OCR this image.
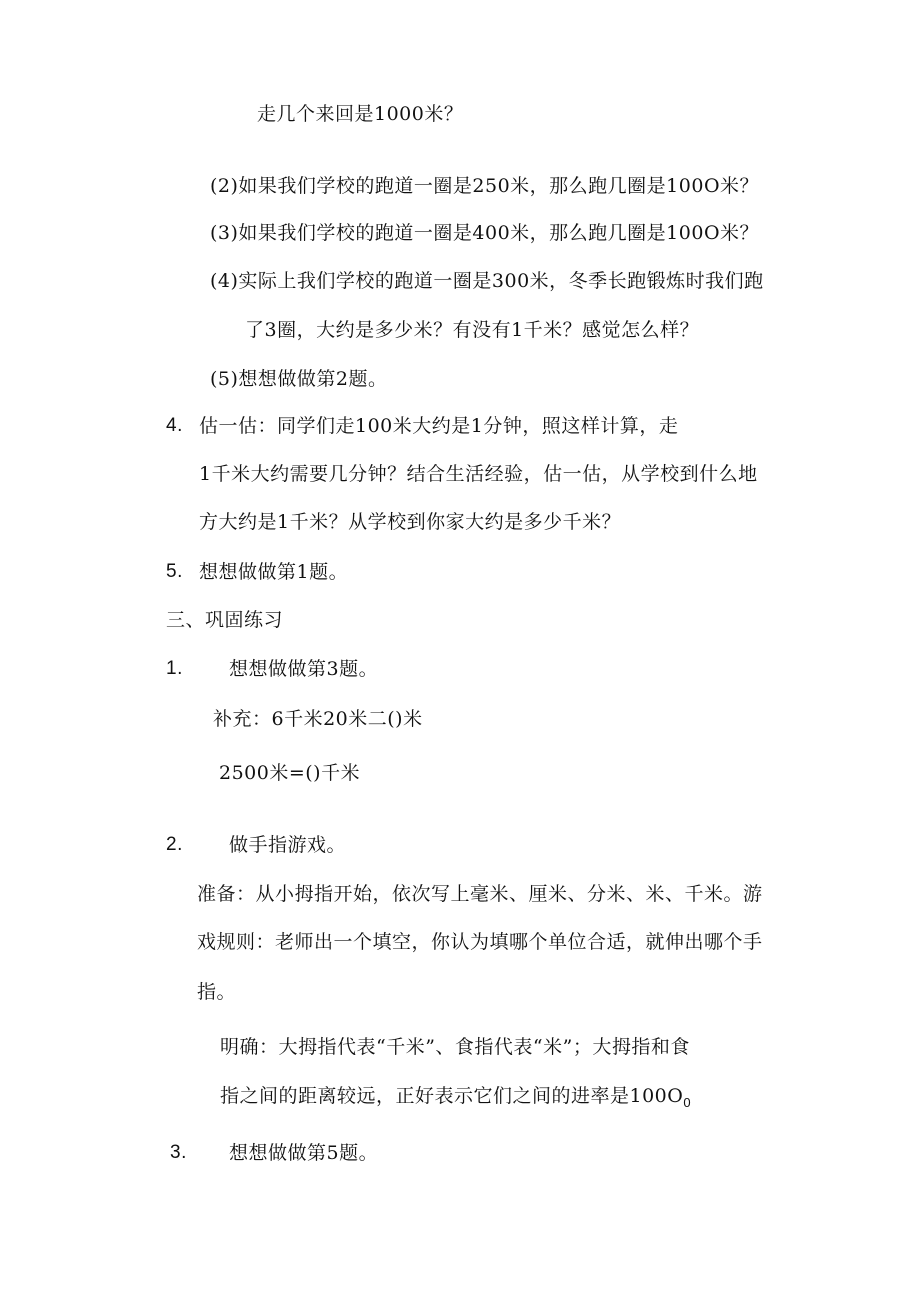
走几个来回是1000米？
(2)如果我们学校的跑道一圈是250米，那么跑几圈是100O米？
(3)如果我们学校的跑道一圈是400米，那么跑几圈是100O米？
(4)实际上我们学校的跑道一圈是300米，冬季长跑锻炼时我们跑
了3圈，大约是多少米？有没有1千米？感觉怎么样？
(5)想想做做第2题。
4. 估一估：同学们走100米大约是1分钟，照这样计算，走
1千米大约需要几分钟？结合生活经验，估一估，从学校到什么地
方大约是1千米？从学校到你家大约是多少千米？
5. 想想做做第1题。
三、巩固练习
1. 想想做做第3题。
补充：6千米20米二()米
2500米=()千米
2. 做手指游戏。
准备：从小拇指开始，依次写上毫米、厘米、分米、米、千米。游
戏规则：老师出一个填空，你认为填哪个单位合适，就伸出哪个手
指。
明确：大拇指代表“千米”、食指代表“米”；大拇指和食
指之间的距离较远，正好表示它们之间的进率是$100O_0$
3. 想想做做第5题。
